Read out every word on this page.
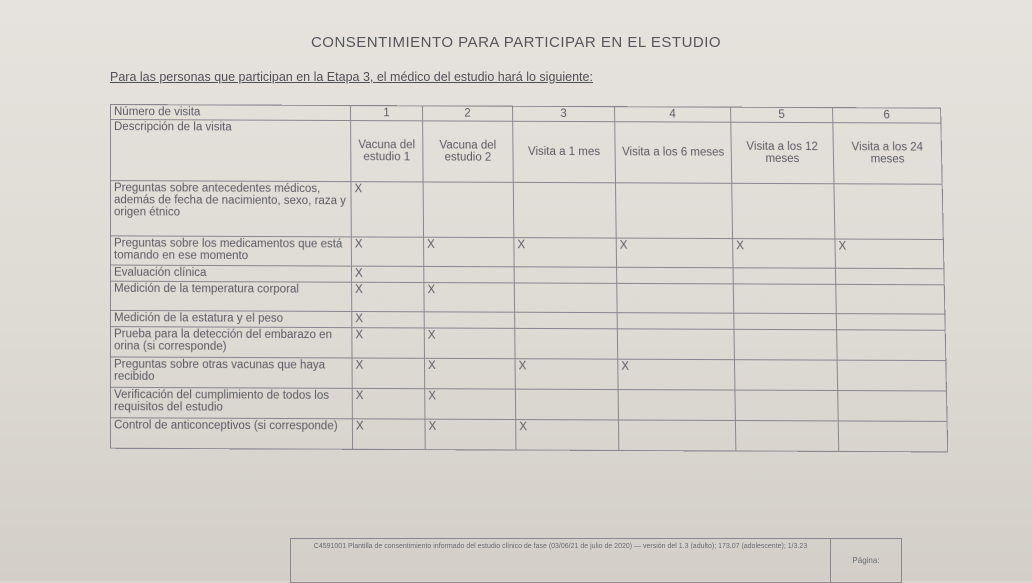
CONSENTIMIENTO PARA PARTICIPAR EN EL ESTUDIO
Para las personas que participan en la Etapa 3, el médico del estudio hará lo siguiente:
Número de visita	1	2	3	4	5	6
Descripción de la visita	Vacuna del estudio 1	Vacuna del estudio 2	Visita a 1 mes	Visita a los 6 meses	Visita a los 12 meses	Visita a los 24 meses
Preguntas sobre antecedentes médicos, además de fecha de nacimiento, sexo, raza y origen étnico	X					
Preguntas sobre los medicamentos que está tomando en ese momento	X	X	X	X	X	X
Evaluación clínica	X					
Medición de la temperatura corporal	X	X				
Medición de la estatura y el peso	X					
Prueba para la detección del embarazo en orina (si corresponde)	X	X				
Preguntas sobre otras vacunas que haya recibido	X	X	X	X		
Verificación del cumplimiento de todos los requisitos del estudio	X	X				
Control de anticonceptivos (si corresponde)	X	X	X			
C4591001 Plantilla de consentimiento informado del estudio clínico de fase (03/06/21 de julio de 2020) — versión del 1.3 (adulto); 173.07 (adolescente); 1/3.23
Página:
